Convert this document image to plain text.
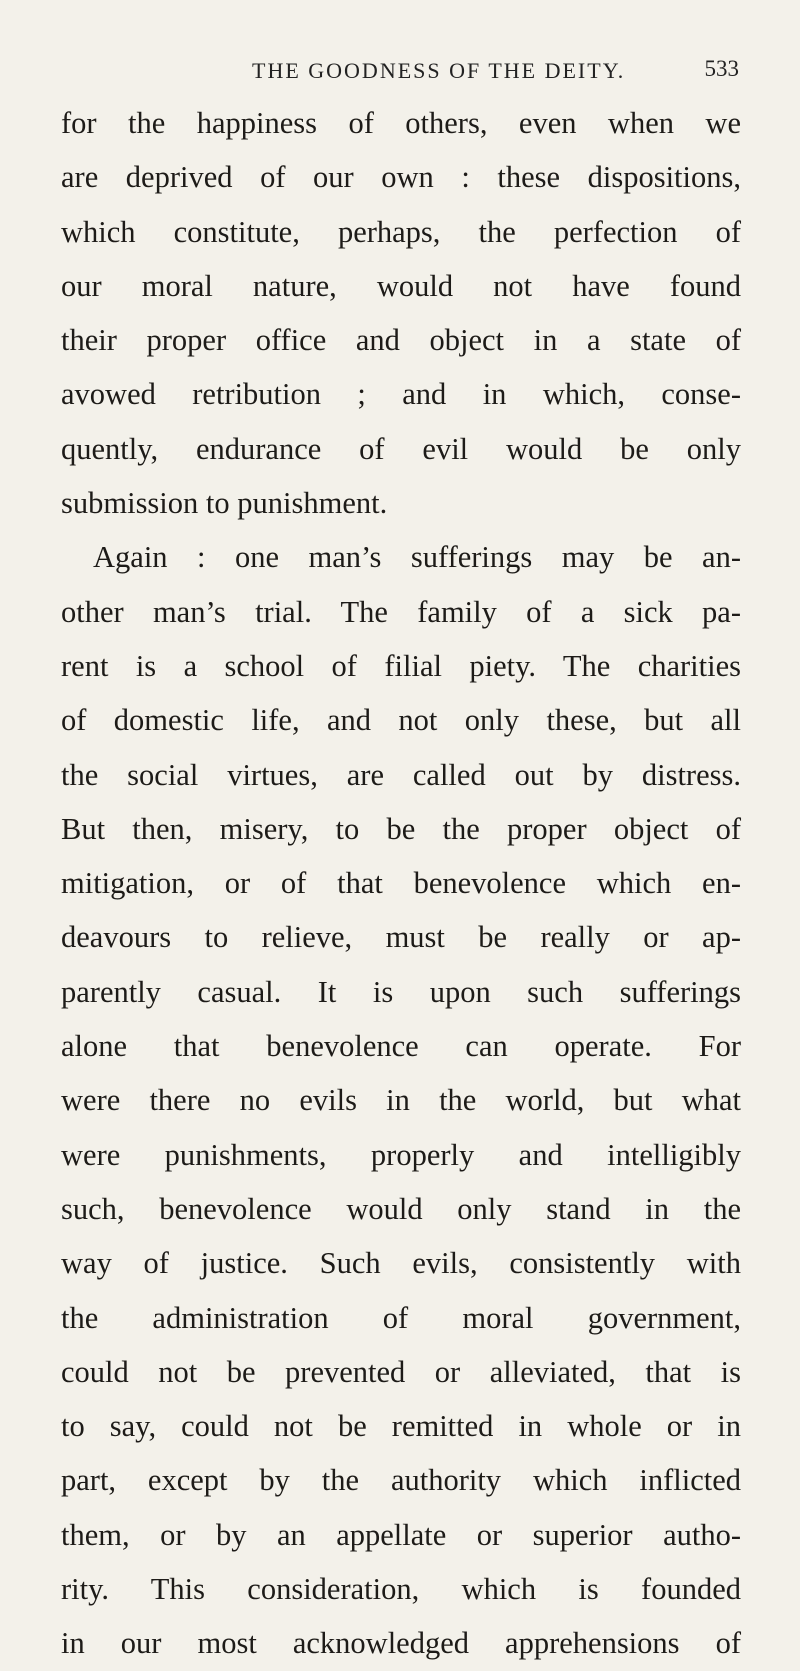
THE GOODNESS OF THE DEITY.	533
for the happiness of others, even when we
are deprived of our own : these dispositions,
which constitute, perhaps, the perfection of
our moral nature, would not have found
their proper office and object in a state of
avowed retribution ; and in which, conse-
quently, endurance of evil would be only
submission to punishment.
Again : one man’s sufferings may be an-
other man’s trial. The family of a sick pa-
rent is a school of filial piety. The charities
of domestic life, and not only these, but all
the social virtues, are called out by distress.
But then, misery, to be the proper object of
mitigation, or of that benevolence which en-
deavours to relieve, must be really or ap-
parently casual. It is upon such sufferings
alone that benevolence can operate. For
were there no evils in the world, but what
were punishments, properly and intelligibly
such, benevolence would only stand in the
way of justice. Such evils, consistently with
the administration of moral government,
could not be prevented or alleviated, that is
to say, could not be remitted in whole or in
part, except by the authority which inflicted
them, or by an appellate or superior autho-
rity. This consideration, which is founded
in our most acknowledged apprehensions of
